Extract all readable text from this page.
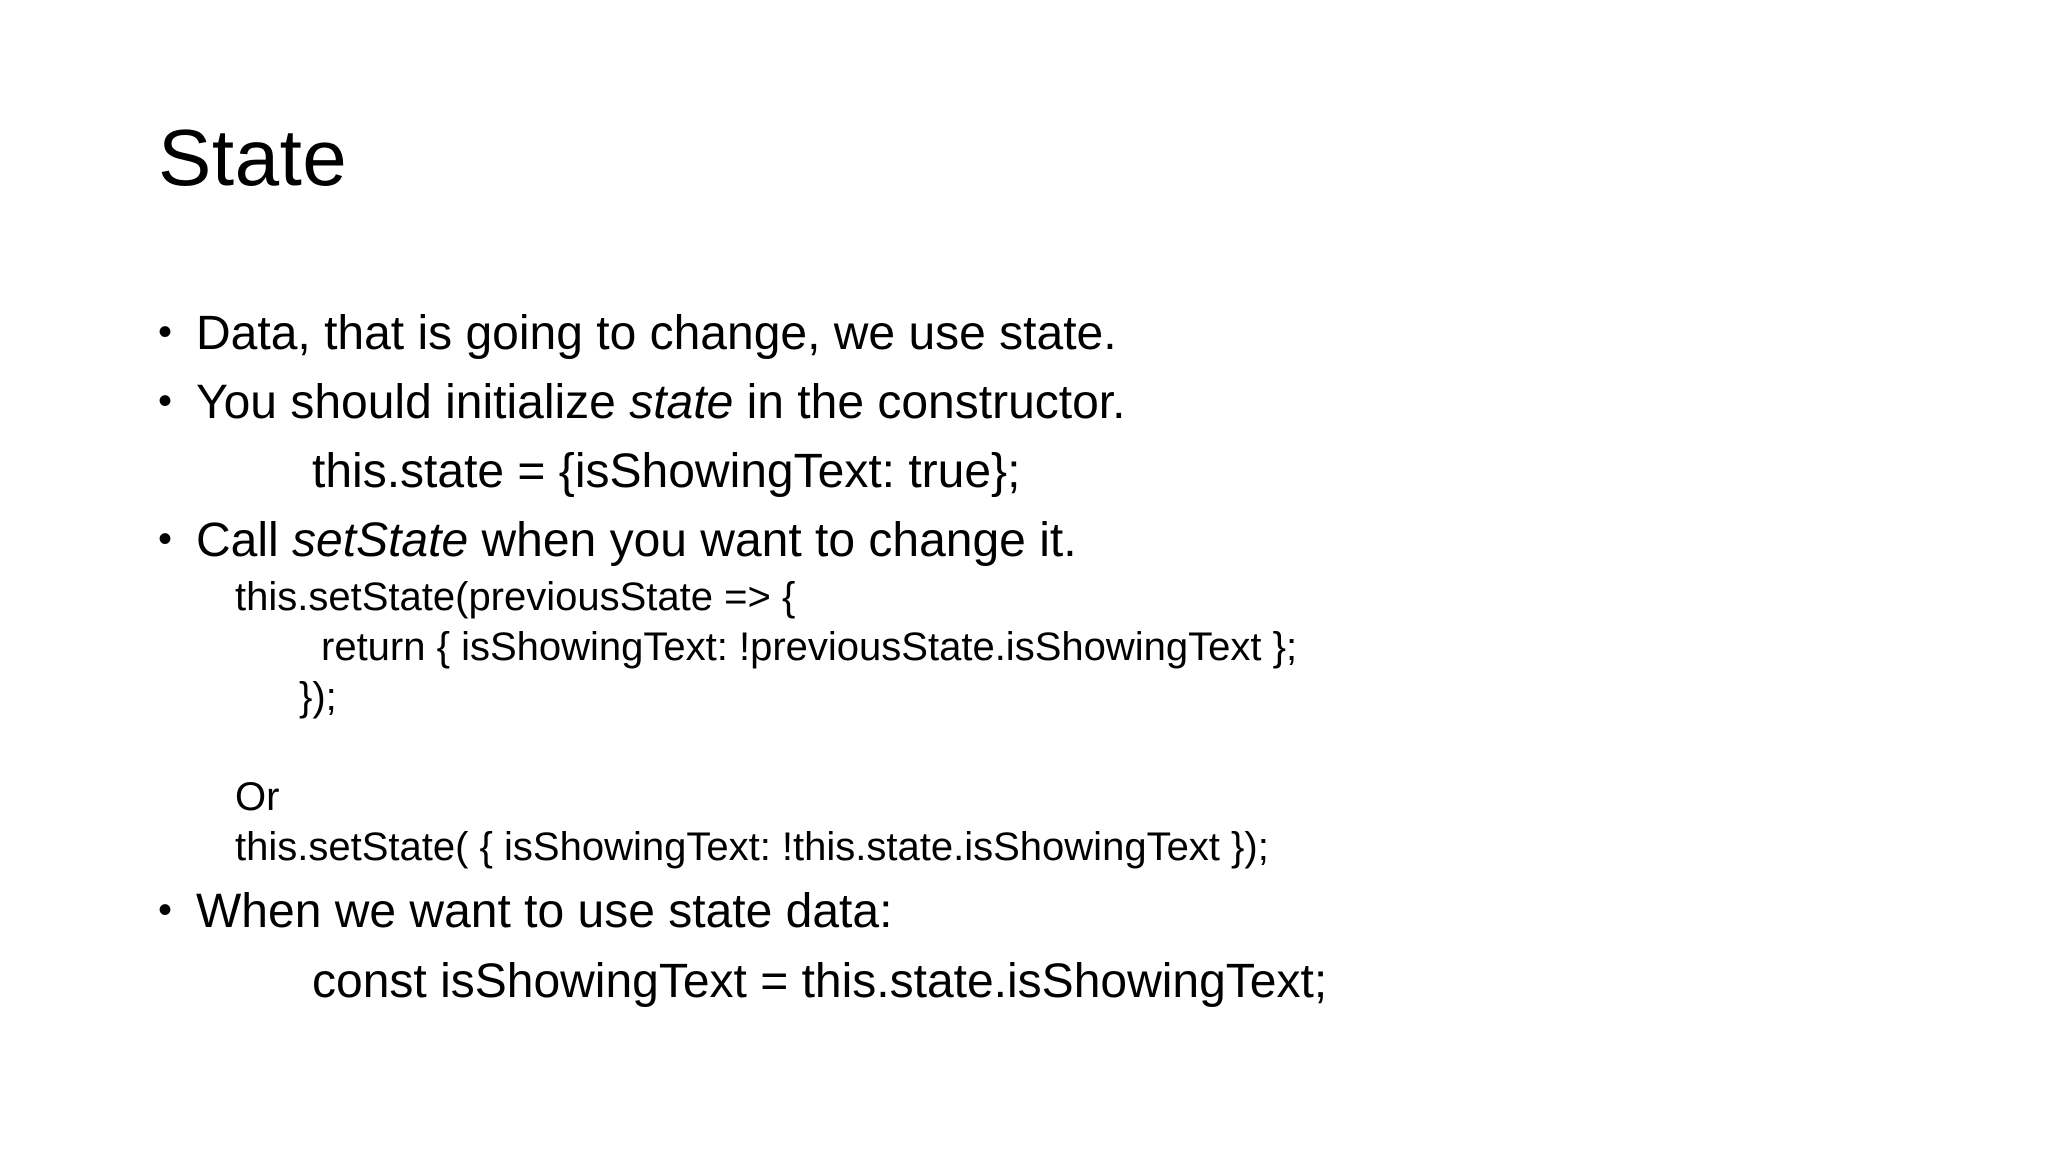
State
• Data, that is going to change, we use state.
• You should initialize state in the constructor.
this.state = {isShowingText: true};
• Call setState when you want to change it.
this.setState(previousState => {
return { isShowingText: !previousState.isShowingText };
});
Or
this.setState( { isShowingText: !this.state.isShowingText });
• When we want to use state data:
const isShowingText = this.state.isShowingText;
